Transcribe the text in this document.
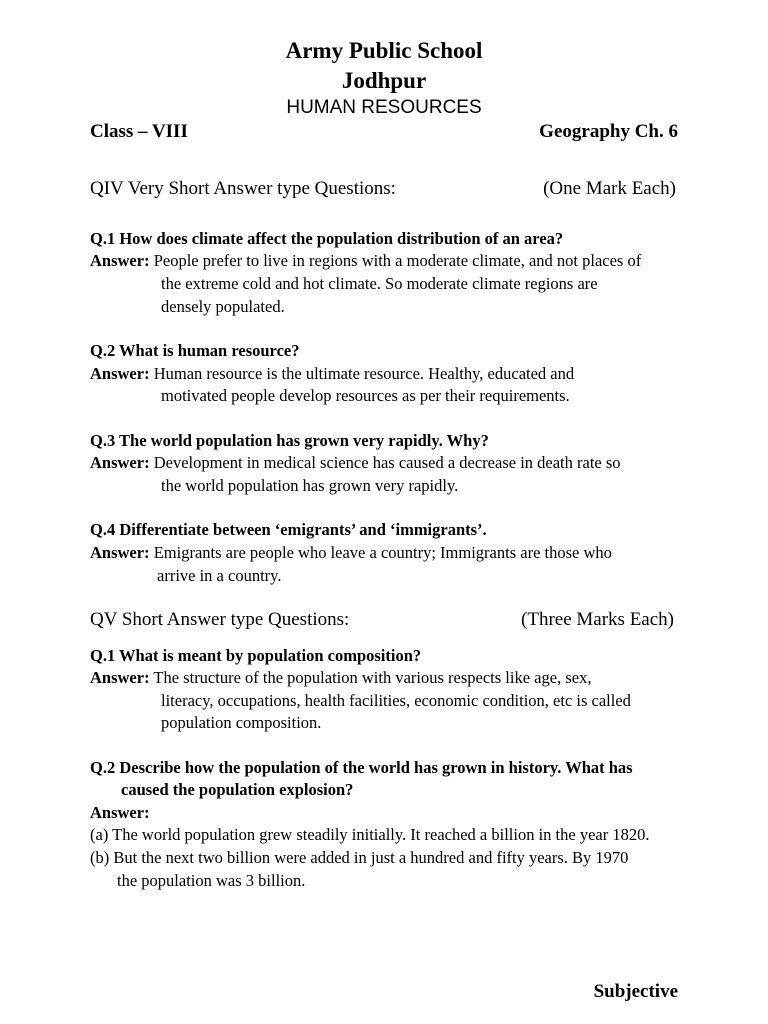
Army Public School
Jodhpur
HUMAN RESOURCES
Class – VIII	Geography Ch. 6
QIV Very Short Answer type Questions:	(One Mark Each)
Q.1 How does climate affect the population distribution of an area?
Answer: People prefer to live in regions with a moderate climate, and not places of
the extreme cold and hot climate. So moderate climate regions are
densely populated.
Q.2 What is human resource?
Answer: Human resource is the ultimate resource. Healthy, educated and
motivated people develop resources as per their requirements.
Q.3 The world population has grown very rapidly. Why?
Answer: Development in medical science has caused a decrease in death rate so
the world population has grown very rapidly.
Q.4 Differentiate between ‘emigrants’ and ‘immigrants’.
Answer: Emigrants are people who leave a country; Immigrants are those who
arrive in a country.
QV Short Answer type Questions:	(Three Marks Each)
Q.1 What is meant by population composition?
Answer: The structure of the population with various respects like age, sex,
literacy, occupations, health facilities, economic condition, etc is called
population composition.
Q.2 Describe how the population of the world has grown in history. What has
caused the population explosion?
Answer:
(a) The world population grew steadily initially. It reached a billion in the year 1820.
(b) But the next two billion were added in just a hundred and fifty years. By 1970
the population was 3 billion.
Subjective
